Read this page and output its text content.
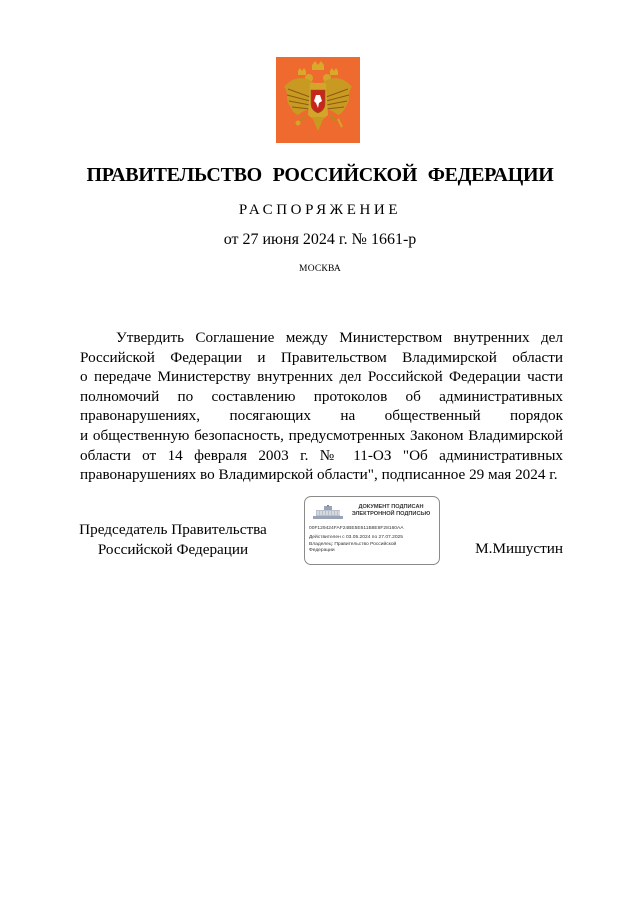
ПРАВИТЕЛЬСТВО РОССИЙСКОЙ ФЕДЕРАЦИИ
РАСПОРЯЖЕНИЕ
от 27 июня 2024 г. № 1661-р
МОСКВА
Утвердить Соглашение между Министерством внутренних дел
Российской Федерации и Правительством Владимирской области
о передаче Министерству внутренних дел Российской Федерации части
полномочий по составлению протоколов об административных
правонарушениях, посягающих на общественный порядок
и общественную безопасность, предусмотренных Законом Владимирской
области от 14 февраля 2003 г. № 11-ОЗ "Об административных
правонарушениях во Владимирской области", подписанное 29 мая 2024 г.
Председатель Правительства
Российской Федерации
ДОКУМЕНТ ПОДПИСАН
ЭЛЕКТРОННОЙ ПОДПИСЬЮ
00F129424FAF24BE5E611B8E8F28160AA
Действителен с 03.05.2024 по 27.07.2025
Владелец: Правительство Российской
Федерации	М.Мишустин
